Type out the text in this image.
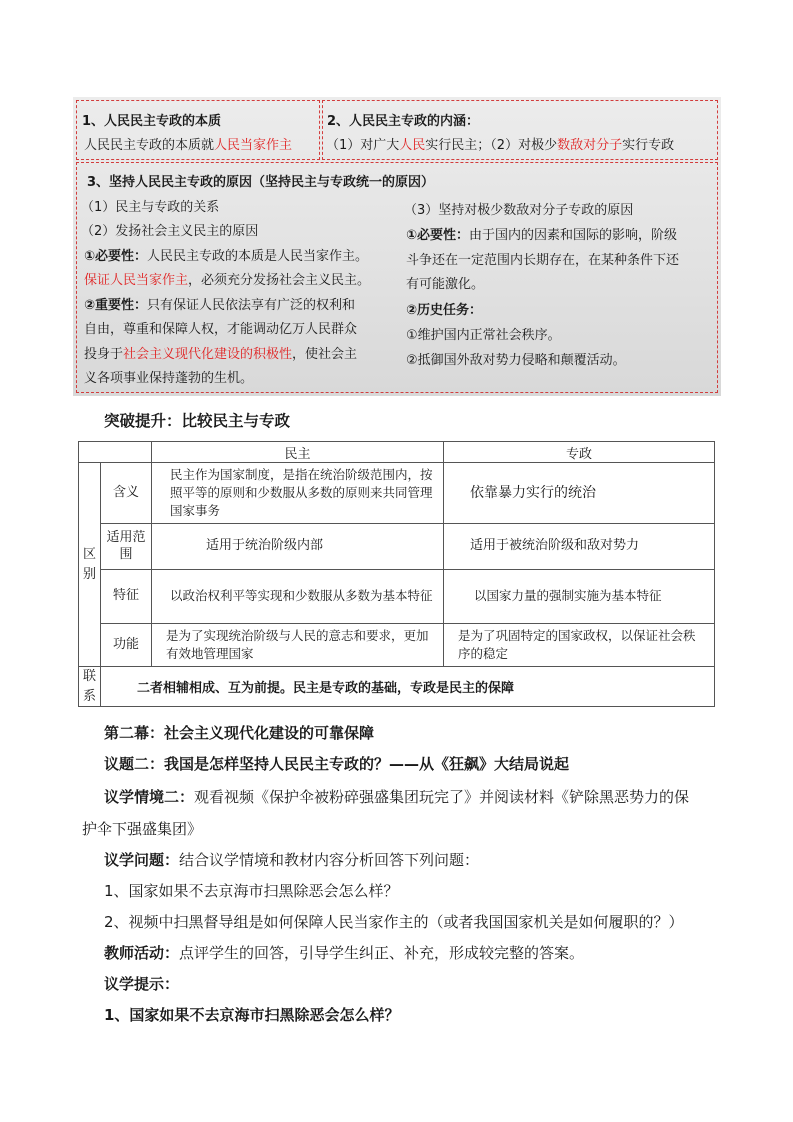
1、人民民主专政的本质
人民民主专政的本质就人民当家作主
2、人民民主专政的内涵：
（1）对广大人民实行民主；（2）对极少数敌对分子实行专政
3、坚持人民民主专政的原因（坚持民主与专政统一的原因）
（1）民主与专政的关系
（2）发扬社会主义民主的原因
①必要性：人民民主专政的本质是人民当家作主。
保证人民当家作主，必须充分发扬社会主义民主。
②重要性：只有保证人民依法享有广泛的权利和
自由，尊重和保障人权，才能调动亿万人民群众
投身于社会主义现代化建设的积极性，使社会主
义各项事业保持蓬勃的生机。
（3）坚持对极少数敌对分子专政的原因
①必要性：由于国内的因素和国际的影响，阶级
斗争还在一定范围内长期存在，在某种条件下还
有可能激化。
②历史任务：
①维护国内正常社会秩序。
②抵御国外敌对势力侵略和颠覆活动。
突破提升：比较民主与专政
		民主	专政
区别	含义	民主作为国家制度，是指在统治阶级范围内，按照平等的原则和少数服从多数的原则来共同管理国家事务	依靠暴力实行的统治
	适用范围	适用于统治阶级内部	适用于被统治阶级和敌对势力
	特征	以政治权利平等实现和少数服从多数为基本特征	以国家力量的强制实施为基本特征
	功能	是为了实现统治阶级与人民的意志和要求，更加有效地管理国家	是为了巩固特定的国家政权，以保证社会秩序的稳定
联系	二者相辅相成、互为前提。民主是专政的基础，专政是民主的保障		
第二幕：社会主义现代化建设的可靠保障
议题二：我国是怎样坚持人民民主专政的？——从《狂飙》大结局说起
议学情境二：观看视频《保护伞被粉碎强盛集团玩完了》并阅读材料《铲除黑恶势力的保
护伞下强盛集团》
议学问题：结合议学情境和教材内容分析回答下列问题：
1、国家如果不去京海市扫黑除恶会怎么样？
2、视频中扫黑督导组是如何保障人民当家作主的（或者我国国家机关是如何履职的？）
教师活动：点评学生的回答，引导学生纠正、补充，形成较完整的答案。
议学提示：
1、国家如果不去京海市扫黑除恶会怎么样？
